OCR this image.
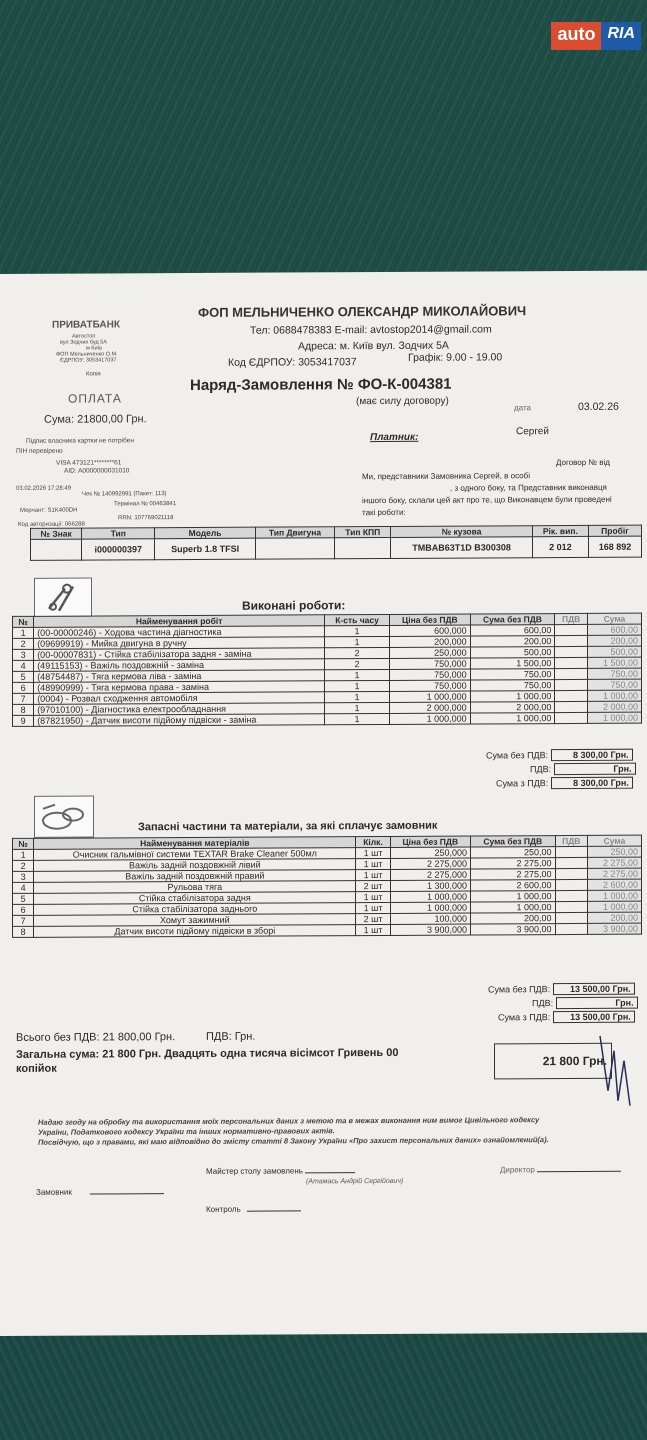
auto RIA
ПРИВАТБАНК
Автостоп
вул Зодчих буд 5А
м Київ
ФОП Мельниченко О.М.
ЄДРПОУ: 3053417037
Копія
ОПЛАТА
Сума: 21800,00 Грн.
Підпис власника картки не потрібен
ПІН перевірено
VISA 473121********61
AID: A0000000031010
03.02.2026 17:28:49
Чек № 140992991 (Пакет: 113)
Мерчант: S1K400DH
Термінал № 00463841
Код авторизації: 066288
RRN: 107769021118
ФОП МЕЛЬНИЧЕНКО ОЛЕКСАНДР МИКОЛАЙОВИЧ
Тел: 0688478383 E-mail: avtostop2014@gmail.com
Адреса: м. Київ вул. Зодчих 5А
Код ЄДРПОУ: 3053417037	Графік: 9.00 - 19.00
Наряд-Замовлення № ФО-К-004381
(має силу договору)
дата	03.02.26
Платник:
Сергей
Договор № від
Ми, представники Замовника Сергей, в особі
, з одного боку, та Представник виконавця
іншого боку, склали цей акт про те, що Виконавцем були проведені
такі роботи:
№ Знак	Тип	Модель	Тип Двигуна	Тип КПП	№ кузова	Рік. вип.	Пробіг
	i000000397	Superb 1.8 TFSI			TMBAB63T1D B300308	2 012	168 892
Виконані роботи:
№	Найменування робіт	К-сть часу	Ціна без ПДВ	Сума без ПДВ	ПДВ	Сума
1	(00-00000246) - Ходова частина діагностика	1	600,000	600,00		600,00
2	(09699919) - Мийка двигуна в ручну	1	200,000	200,00		200,00
3	(00-00007831) - Стійка стабілізатора задня - заміна	2	250,000	500,00		500,00
4	(49115153) - Важіль поздовжній - заміна	2	750,000	1 500,00		1 500,00
5	(48754487) - Тяга кермова ліва - заміна	1	750,000	750,00		750,00
6	(48990999) - Тяга кермова права - заміна	1	750,000	750,00		750,00
7	(0004) - Розвал сходження автомобіля	1	1 000,000	1 000,00		1 000,00
8	(97010100) - Діагностика електрообладнання	1	2 000,000	2 000,00		2 000,00
9	(87821950) - Датчик висоти підйому підвіски - заміна	1	1 000,000	1 000,00		1 000,00
Сума без ПДВ:	8 300,00 Грн.
ПДВ:	Грн.
Сума з ПДВ:	8 300,00 Грн.
Запасні частини та матеріали, за які сплачує замовник
№	Найменування матеріалів	Кілк.	Ціна без ПДВ	Сума без ПДВ	ПДВ	Сума
1	Очисник гальмівної системи TEXTAR Brake Cleaner 500мл	1 шт	250,000	250,00		250,00
2	Важіль задній поздовжній лівий	1 шт	2 275,000	2 275,00		2 275,00
3	Важіль задній поздовжній правий	1 шт	2 275,000	2 275,00		2 275,00
4	Рульова тяга	2 шт	1 300,000	2 600,00		2 600,00
5	Стійка стабілізатора задня	1 шт	1 000,000	1 000,00		1 000,00
6	Стійка стабілізатора заднього	1 шт	1 000,000	1 000,00		1 000,00
7	Хомут зажимний	2 шт	100,000	200,00		200,00
8	Датчик висоти підйому підвіски в зборі	1 шт	3 900,000	3 900,00		3 900,00
Сума без ПДВ: 13 500,00 Грн.
ПДВ:	Грн.
Сума з ПДВ: 13 500,00 Грн.
Всього без ПДВ: 21 800,00 Грн.	ПДВ: Грн.
Загальна сума: 21 800 Грн. Двадцять одна тисяча вісімсот Гривень 00
копійок
21 800 Грн.
Надаю згоду на обробку та використання моїх персональних даних з метою та в межах виконання ним вимог Цивільного кодексу
України, Податкового кодексу України та інших нормативно-правових актів.
Посвідчую, що з правами, які маю відповідно до змісту статті 8 Закону України «Про захист персональних даних» ознайомлений(а).
Майстер столу замовлень
(Атамась Андрій Сергійович)
Директор
Замовник
Контроль
